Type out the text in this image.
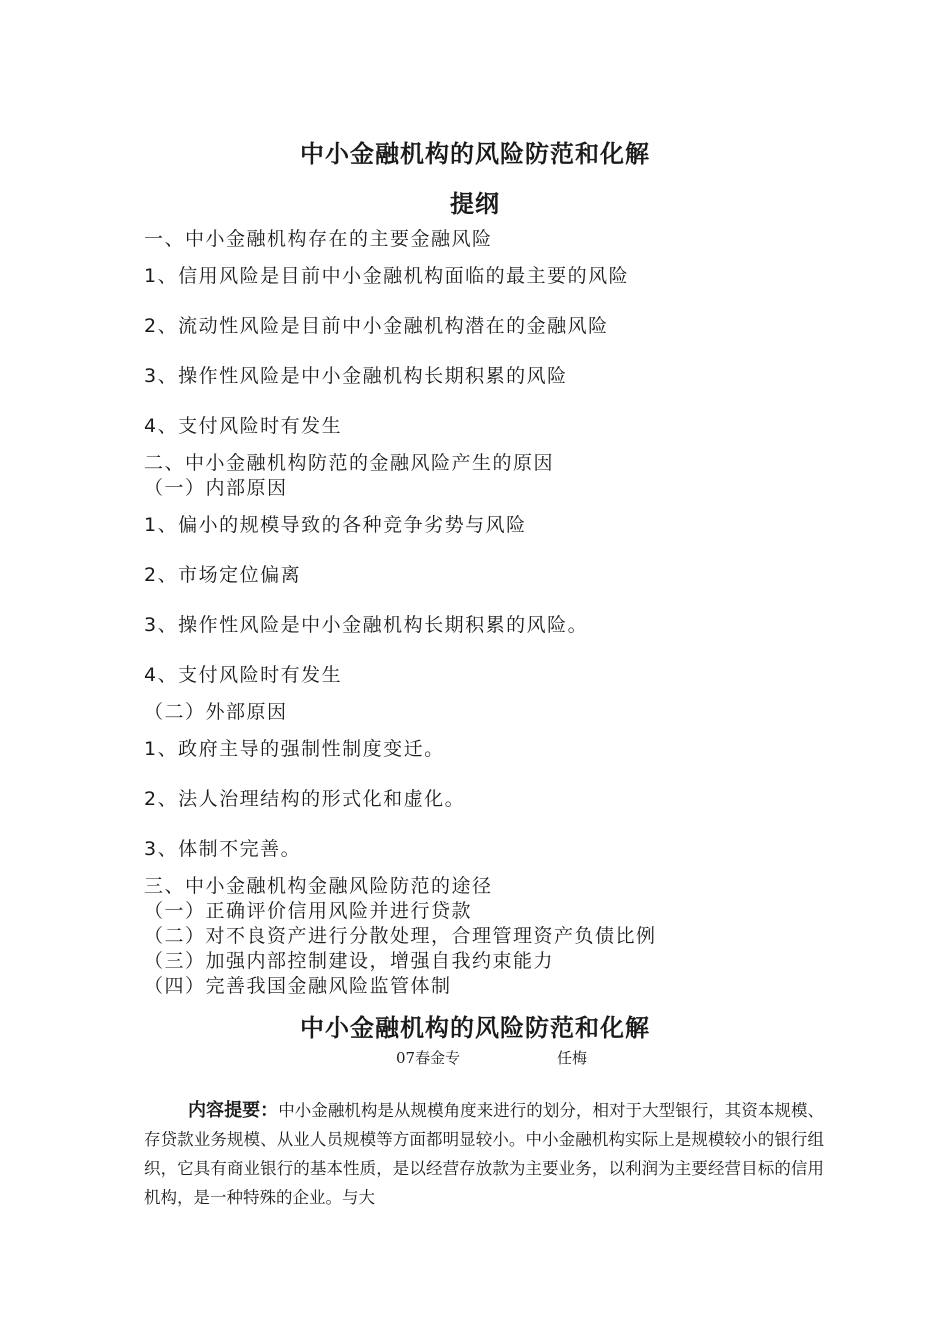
中小金融机构的风险防范和化解
提纲
一、中小金融机构存在的主要金融风险
1、信用风险是目前中小金融机构面临的最主要的风险
2、流动性风险是目前中小金融机构潜在的金融风险
3、操作性风险是中小金融机构长期积累的风险
4、支付风险时有发生
二、中小金融机构防范的金融风险产生的原因
（一）内部原因
1、偏小的规模导致的各种竞争劣势与风险
2、市场定位偏离
3、操作性风险是中小金融机构长期积累的风险。
4、支付风险时有发生
（二）外部原因
1、政府主导的强制性制度变迁。
2、法人治理结构的形式化和虚化。
3、体制不完善。
三、中小金融机构金融风险防范的途径
（一）正确评价信用风险并进行贷款
（二）对不良资产进行分散处理，合理管理资产负债比例
（三）加强内部控制建设，增强自我约束能力
（四）完善我国金融风险监管体制
中小金融机构的风险防范和化解
07春金专	任梅
内容提要：中小金融机构是从规模角度来进行的划分，相对于大型银行，其资本规模、存贷款业务规模、从业人员规模等方面都明显较小。中小金融机构实际上是规模较小的银行组织，它具有商业银行的基本性质，是以经营存放款为主要业务，以利润为主要经营目标的信用机构，是一种特殊的企业。与大
